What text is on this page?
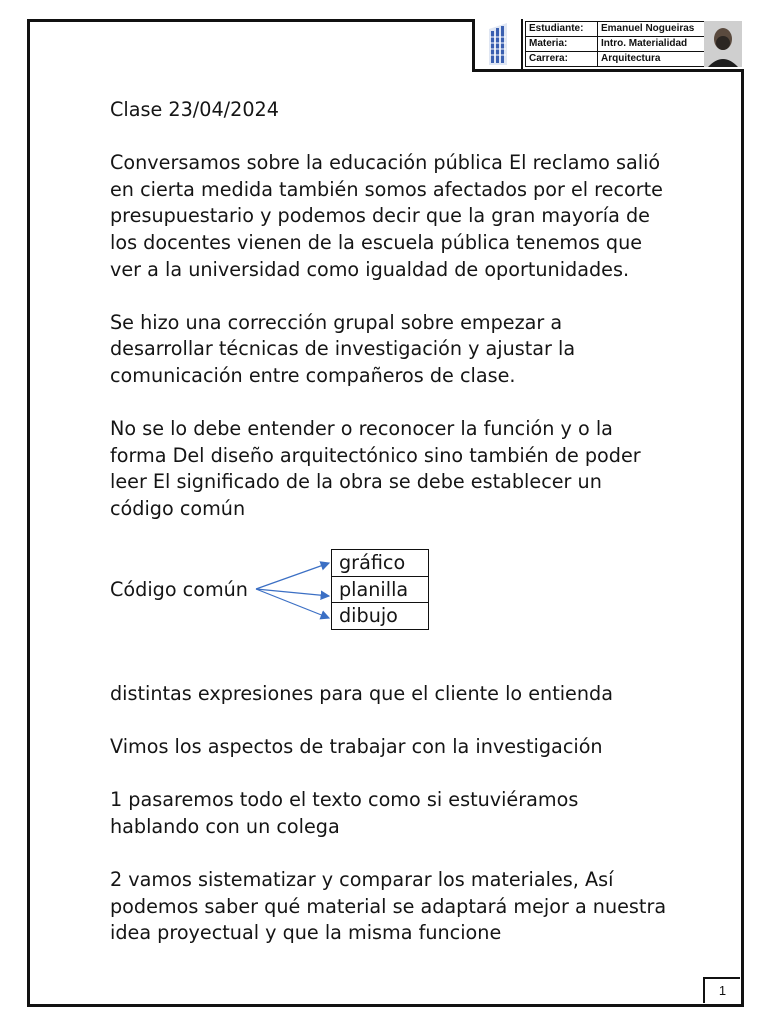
Estudiante:	Emanuel Nogueiras
Materia:	Intro. Materialidad
Carrera:	Arquitectura

Clase 23/04/2024

Conversamos sobre la educación pública El reclamo salió en cierta medida también somos afectados por el recorte presupuestario y podemos decir que la gran mayoría de los docentes vienen de la escuela pública tenemos que ver a la universidad como igualdad de oportunidades.

Se hizo una corrección grupal sobre empezar a desarrollar técnicas de investigación y ajustar la comunicación entre compañeros de clase.

No se lo debe entender o reconocer la función y o la forma Del diseño arquitectónico sino también de poder leer El significado de la obra se debe establecer un código común

Código común
gráfico
planilla
dibujo

distintas expresiones para que el cliente lo entienda

Vimos los aspectos de trabajar con la investigación

1 pasaremos todo el texto como si estuviéramos hablando con un colega

2 vamos sistematizar y comparar los materiales, Así podemos saber qué material se adaptará mejor a nuestra idea proyectual y que la misma funcione

1
